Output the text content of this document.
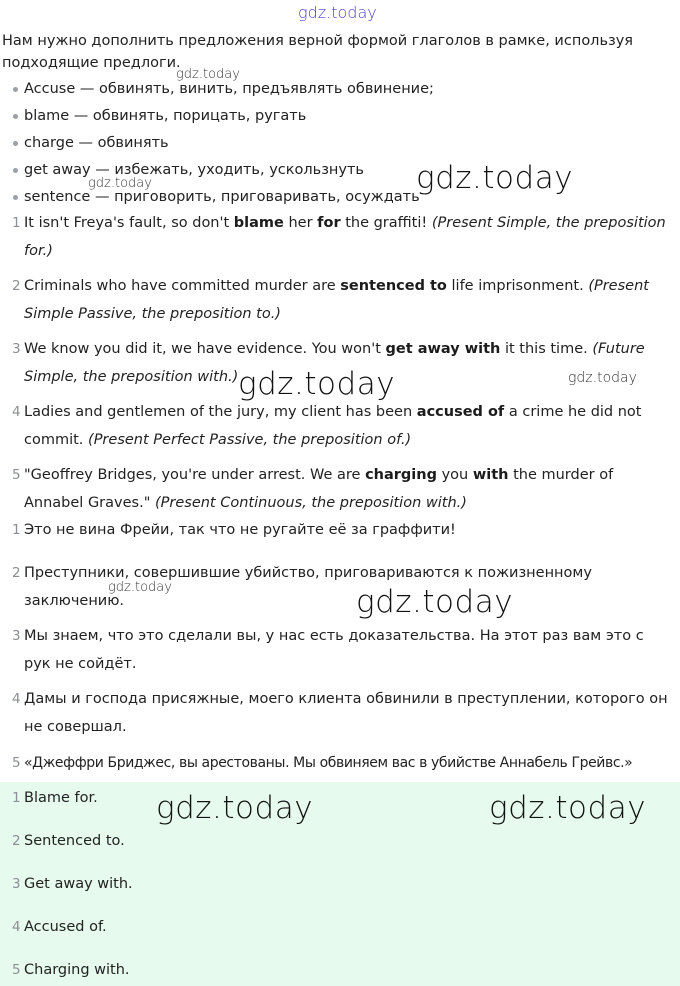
Нам нужно дополнить предложения верной формой глаголов в рамке, используя подходящие предлоги.
Accuse — обвинять, винить, предъявлять обвинение;
blame — обвинять, порицать, ругать
charge — обвинять
get away — избежать, уходить, ускользнуть
sentence — приговорить, приговаривать, осуждать
1 It isn't Freya's fault, so don't blame her for the graffiti! (Present Simple, the preposition for.)
2 Criminals who have committed murder are sentenced to life imprisonment. (Present Simple Passive, the preposition to.)
3 We know you did it, we have evidence. You won't get away with it this time. (Future Simple, the preposition with.)
4 Ladies and gentlemen of the jury, my client has been accused of a crime he did not commit. (Present Perfect Passive, the preposition of.)
5 "Geoffrey Bridges, you're under arrest. We are charging you with the murder of Annabel Graves." (Present Continuous, the preposition with.)
1 Это не вина Фрейи, так что не ругайте её за граффити!
2 Преступники, совершившие убийство, приговариваются к пожизненному заключению.
3 Мы знаем, что это сделали вы, у нас есть доказательства. На этот раз вам это с рук не сойдёт.
4 Дамы и господа присяжные, моего клиента обвинили в преступлении, которого он не совершал.
5 «Джеффри Бриджес, вы арестованы. Мы обвиняем вас в убийстве Аннабель Грейвс.»
1 Blame for.
2 Sentenced to.
3 Get away with.
4 Accused of.
5 Charging with.
gdz.today
gdz.today
gdz.today	gdz.today
gdz.today	gdz.today
gdz.today	gdz.today
gdz.today	gdz.today
